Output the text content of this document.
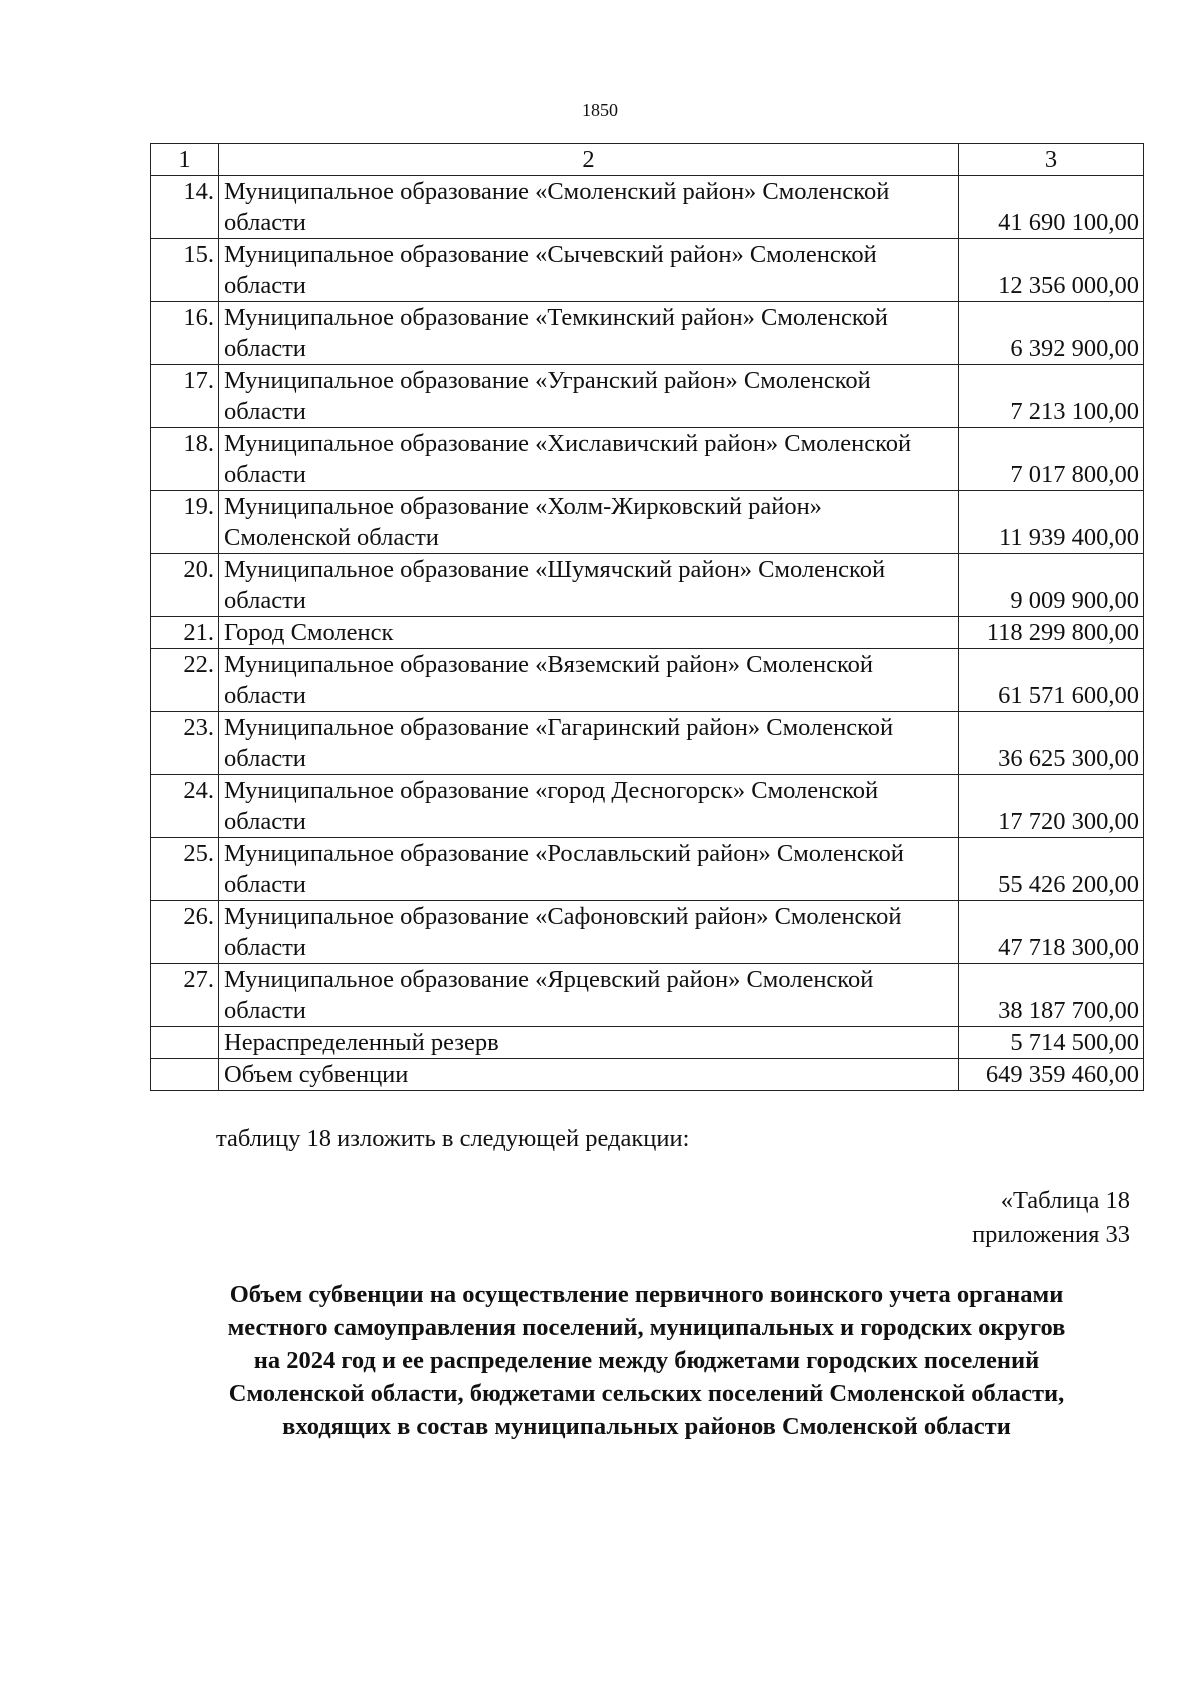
1850
1	2	3
14.	Муниципальное образование «Смоленский район» Смоленской области	41 690 100,00
15.	Муниципальное образование «Сычевский район» Смоленской области	12 356 000,00
16.	Муниципальное образование «Темкинский район» Смоленской области	6 392 900,00
17.	Муниципальное образование «Угранский район» Смоленской области	7 213 100,00
18.	Муниципальное образование «Хиславичский район» Смоленской области	7 017 800,00
19.	Муниципальное образование «Холм-Жирковский район» Смоленской области	11 939 400,00
20.	Муниципальное образование «Шумячский район» Смоленской области	9 009 900,00
21.	Город Смоленск	118 299 800,00
22.	Муниципальное образование «Вяземский район» Смоленской области	61 571 600,00
23.	Муниципальное образование «Гагаринский район» Смоленской области	36 625 300,00
24.	Муниципальное образование «город Десногорск» Смоленской области	17 720 300,00
25.	Муниципальное образование «Рославльский район» Смоленской области	55 426 200,00
26.	Муниципальное образование «Сафоновский район» Смоленской области	47 718 300,00
27.	Муниципальное образование «Ярцевский район» Смоленской области	38 187 700,00
	Нераспределенный резерв	5 714 500,00
	Объем субвенции	649 359 460,00
таблицу 18 изложить в следующей редакции:
«Таблица 18
приложения 33
Объем субвенции на осуществление первичного воинского учета органами
местного самоуправления поселений, муниципальных и городских округов
на 2024 год и ее распределение между бюджетами городских поселений
Смоленской области, бюджетами сельских поселений Смоленской области,
входящих в состав муниципальных районов Смоленской области
